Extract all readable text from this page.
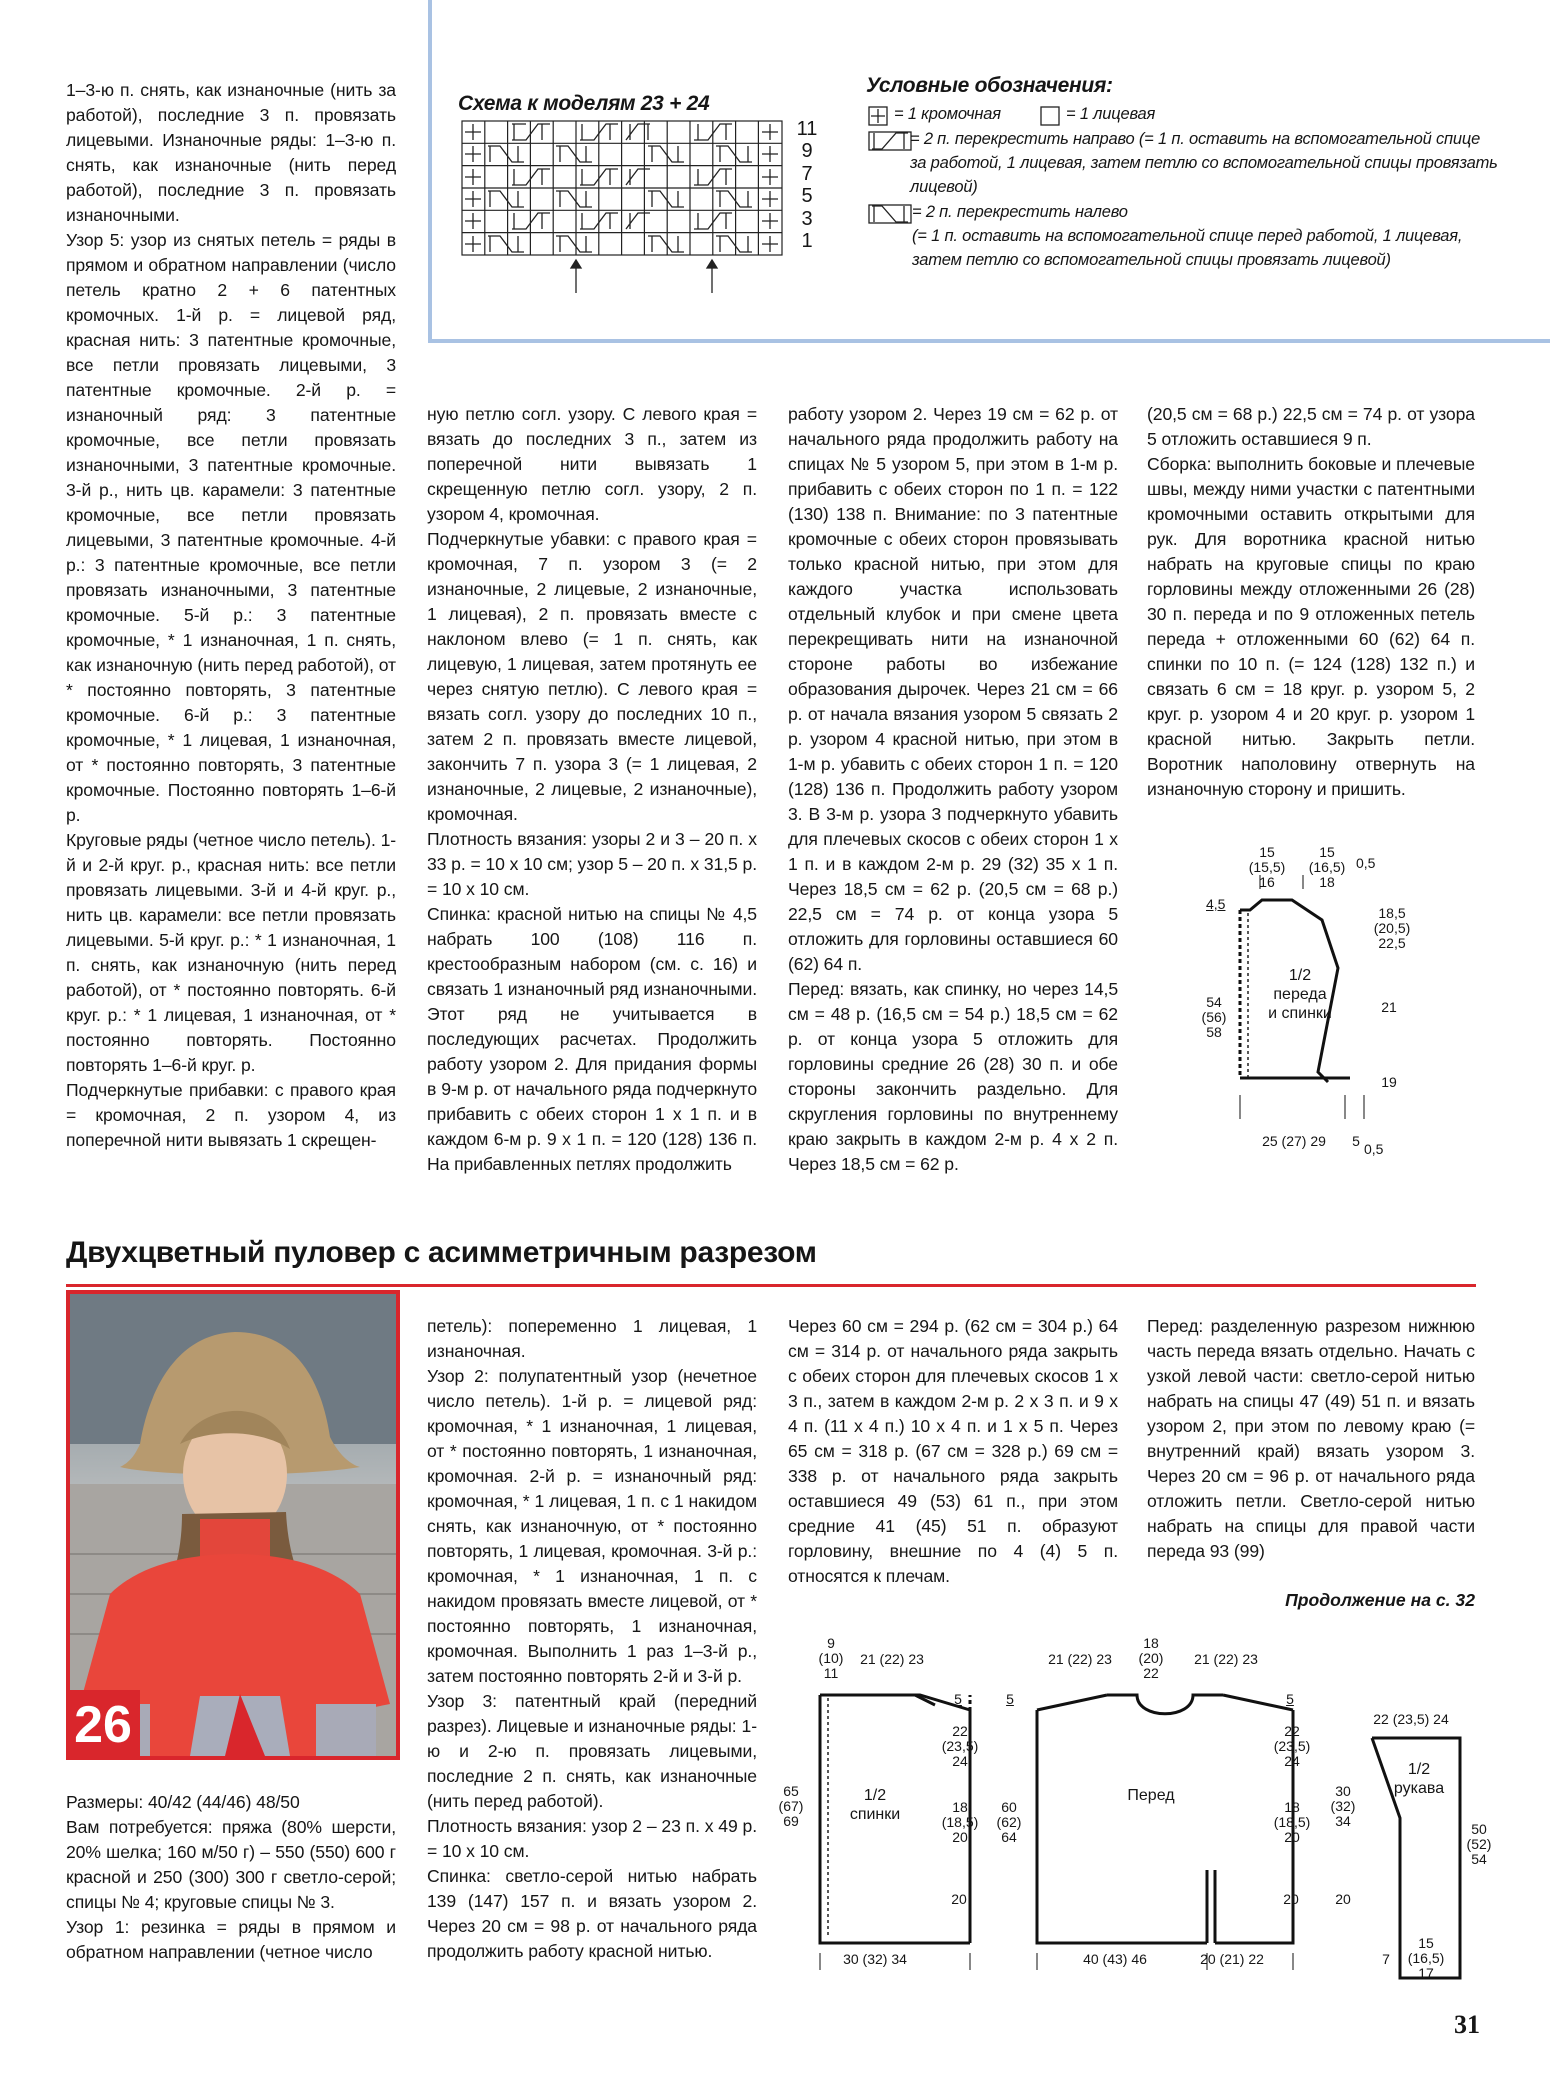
1–3-ю п. снять, как изнаночные (нить за работой), последние 3 п. провязать лицевыми. Изнаночные ряды: 1–3-ю п. снять, как изнаночные (нить перед работой), последние 3 п. провязать изнаночными.
Узор 5: узор из снятых петель = ряды в прямом и обратном направлении (число петель кратно 2 + 6 патентных кромочных. 1-й р. = лицевой ряд, красная нить: 3 патентные кромочные, все петли провязать лицевыми, 3 патентные кромочные. 2-й р. = изнаночный ряд: 3 патентные кромочные, все петли провязать изнаночными, 3 патентные кромочные. 3-й р., нить цв. карамели: 3 патентные кромочные, все петли провязать лицевыми, 3 патентные кромочные. 4-й р.: 3 патентные кромочные, все петли провязать изнаночными, 3 патентные кромочные. 5-й р.: 3 патентные кромочные, * 1 изнаночная, 1 п. снять, как изнаночную (нить перед работой), от * постоянно повторять, 3 патентные кромочные. 6-й р.: 3 патентные кромочные, * 1 лицевая, 1 изнаночная, от * постоянно повторять, 3 патентные кромочные. Постоянно повторять 1–6-й р.
Круговые ряды (четное число петель). 1-й и 2-й круг. р., красная нить: все петли провязать лицевыми. 3-й и 4-й круг. р., нить цв. карамели: все петли провязать лицевыми. 5-й круг. р.: * 1 изнаночная, 1 п. снять, как изнаночную (нить перед работой), от * постоянно повторять. 6-й круг. р.: * 1 лицевая, 1 изнаночная, от * постоянно повторять. Постоянно повторять 1–6-й круг. р.
Подчеркнутые прибавки: с правого края = кромочная, 2 п. узором 4, из поперечной нити вывязать 1 скрещен-
Схема к моделям 23 + 24
11
9
7
5
3
1
Условные обозначения:
= 1 кромочная	= 1 лицевая
= 2 п. перекрестить направо (= 1 п. оставить на вспомогательной спице
за работой, 1 лицевая, затем петлю со вспомогательной спицы провязать
лицевой)
= 2 п. перекрестить налево
(= 1 п. оставить на вспомогательной спице перед работой, 1 лицевая,
затем петлю со вспомогательной спицы провязать лицевой)
ную петлю согл. узору. С левого края = вязать до последних 3 п., затем из поперечной нити вывязать 1 скрещенную петлю согл. узору, 2 п. узором 4, кромочная.
Подчеркнутые убавки: с правого края = кромочная, 7 п. узором 3 (= 2 изнаночные, 2 лицевые, 2 изнаночные, 1 лицевая), 2 п. провязать вместе с наклоном влево (= 1 п. снять, как лицевую, 1 лицевая, затем протянуть ее через снятую петлю). С левого края = вязать согл. узору до последних 10 п., затем 2 п. провязать вместе лицевой, закончить 7 п. узора 3 (= 1 лицевая, 2 изнаночные, 2 лицевые, 2 изнаночные), кромочная.
Плотность вязания: узоры 2 и 3 – 20 п. х 33 р. = 10 х 10 см; узор 5 – 20 п. х 31,5 р. = 10 х 10 см.
Спинка: красной нитью на спицы № 4,5 набрать 100 (108) 116 п. крестообразным набором (см. с. 16) и связать 1 изнаночный ряд изнаночными. Этот ряд не учитывается в последующих расчетах. Продолжить работу узором 2. Для придания формы в 9-м р. от начального ряда подчеркнуто прибавить с обеих сторон 1 х 1 п. и в каждом 6-м р. 9 х 1 п. = 120 (128) 136 п. На прибавленных петлях продолжить
работу узором 2. Через 19 см = 62 р. от начального ряда продолжить работу на спицах № 5 узором 5, при этом в 1-м р. прибавить с обеих сторон по 1 п. = 122 (130) 138 п. Внимание: по 3 патентные кромочные с обеих сторон провязывать только красной нитью, при этом для каждого участка использовать отдельный клубок и при смене цвета перекрещивать нити на изнаночной стороне работы во избежание образования дырочек. Через 21 см = 66 р. от начала вязания узором 5 связать 2 р. узором 4 красной нитью, при этом в 1-м р. убавить с обеих сторон 1 п. = 120 (128) 136 п. Продолжить работу узором 3. В 3-м р. узора 3 подчеркнуто убавить для плечевых скосов с обеих сторон 1 х 1 п. и в каждом 2-м р. 29 (32) 35 х 1 п. Через 18,5 см = 62 р. (20,5 см = 68 р.) 22,5 см = 74 р. от конца узора 5 отложить для горловины оставшиеся 60 (62) 64 п.
Перед: вязать, как спинку, но через 14,5 см = 48 р. (16,5 см = 54 р.) 18,5 см = 62 р. от конца узора 5 отложить для горловины средние 26 (28) 30 п. и обе стороны закончить раздельно. Для скругления горловины по внутреннему краю закрыть в каждом 2-м р. 4 х 2 п. Через 18,5 см = 62 р.
(20,5 см = 68 р.) 22,5 см = 74 р. от узора 5 отложить оставшиеся 9 п.
Сборка: выполнить боковые и плечевые швы, между ними участки с патентными кромочными оставить открытыми для рук. Для воротника красной нитью набрать на круговые спицы по краю горловины между отложенными 26 (28) 30 п. переда и по 9 отложенных петель переда + отложенными 60 (62) 64 п. спинки по 10 п. (= 124 (128) 132 п.) и связать 6 см = 18 круг. р. узором 5, 2 круг. р. узором 4 и 20 круг. р. узором 1 красной нитью. Закрыть петли. Воротник наполовину отвернуть на изнаночную сторону и пришить.
15
(15,5)
16
15
(16,5)
18
0,5
4,5
18,5
(20,5)
22,5
1/2
переда
и спинки
54
(56)
58
21
19
25 (27) 29	5 0,5
Двухцветный пуловер с асимметричным разрезом
26
Размеры: 40/42 (44/46) 48/50
Вам потребуется: пряжа (80% шерсти, 20% шелка; 160 м/50 г) – 550 (550) 600 г красной и 250 (300) 300 г светло-серой; спицы № 4; круговые спицы № 3.
Узор 1: резинка = ряды в прямом и обратном направлении (четное число
петель): попеременно 1 лицевая, 1 изнаночная.
Узор 2: полупатентный узор (нечетное число петель). 1-й р. = лицевой ряд: кромочная, * 1 изнаночная, 1 лицевая, от * постоянно повторять, 1 изнаночная, кромочная. 2-й р. = изнаночный ряд: кромочная, * 1 лицевая, 1 п. с 1 накидом снять, как изнаночную, от * постоянно повторять, 1 лицевая, кромочная. 3-й р.: кромочная, * 1 изнаночная, 1 п. с накидом провязать вместе лицевой, от * постоянно повторять, 1 изнаночная, кромочная. Выполнить 1 раз 1–3-й р., затем постоянно повторять 2-й и 3-й р.
Узор 3: патентный край (передний разрез). Лицевые и изнаночные ряды: 1-ю и 2-ю п. провязать лицевыми, последние 2 п. снять, как изнаночные (нить перед работой).
Плотность вязания: узор 2 – 23 п. х 49 р. = 10 х 10 см.
Спинка: светло-серой нитью набрать 139 (147) 157 п. и вязать узором 2. Через 20 см = 98 р. от начального ряда продолжить работу красной нитью.
Через 60 см = 294 р. (62 см = 304 р.) 64 см = 314 р. от начального ряда закрыть с обеих сторон для плечевых скосов 1 х 3 п., затем в каждом 2-м р. 2 х 3 п. и 9 х 4 п. (11 х 4 п.) 10 х 4 п. и 1 х 5 п. Через 65 см = 318 р. (67 см = 328 р.) 69 см = 338 р. от начального ряда закрыть оставшиеся 49 (53) 61 п., при этом средние 41 (45) 51 п. образуют горловину, внешние по 4 (4) 5 п. относятся к плечам.
Перед: разделенную разрезом нижнюю часть переда вязать отдельно. Начать с узкой левой части: светло-серой нитью набрать на спицы 47 (49) 51 п. и вязать узором 2, при этом по левому краю (= внутренний край) вязать узором 3. Через 20 см = 96 р. от начального ряда отложить петли. Светло-серой нитью набрать на спицы для правой части переда 93 (99)
Продолжение на с. 32
9
(10)
11
21 (22) 23
5
22
(23,5)
24
65
(67)
69
1/2
спинки	18
(18,5)
20
20
30 (32) 34
21 (22) 23
18
(20)
22
21 (22) 23
5	5
22
(23,5)
24
60
(62)
64
Перед
18
(18,5)
20
20	20
40 (43) 46	20 (21) 22
22 (23,5) 24
30
(32)
34
1/2
рукава
50
(52)
54
15
(16,5)
17
7
31
